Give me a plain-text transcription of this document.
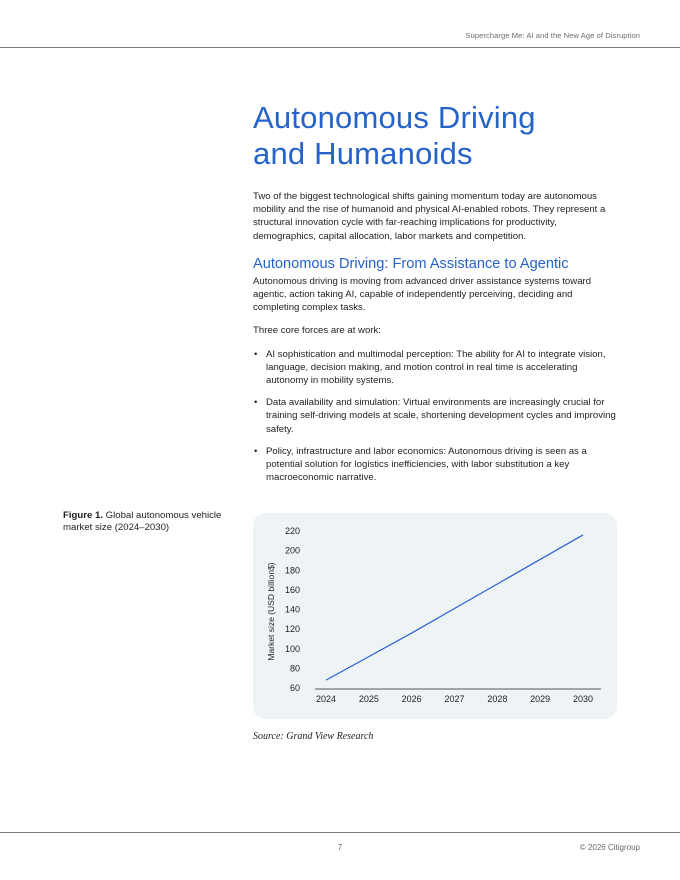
Supercharge Me: AI and the New Age of Disruption
Autonomous Driving
and Humanoids

Two of the biggest technological shifts gaining momentum today are autonomous mobility and the rise of humanoid and physical AI-enabled robots. They represent a structural innovation cycle with far-reaching implications for productivity, demographics, capital allocation, labor markets and competition.

Autonomous Driving: From Assistance to Agentic

Autonomous driving is moving from advanced driver assistance systems toward agentic, action taking AI, capable of independently perceiving, deciding and completing complex tasks.

Three core forces are at work:

• AI sophistication and multimodal perception: The ability for AI to integrate vision, language, decision making, and motion control in real time is accelerating autonomy in mobility systems.
• Data availability and simulation: Virtual environments are increasingly crucial for training self-driving models at scale, shortening development cycles and improving safety.
• Policy, infrastructure and labor economics: Autonomous driving is seen as a potential solution for logistics inefficiencies, with labor substitution a key macroeconomic narrative.
Figure 1. Global autonomous vehicle market size (2024–2030)
60
80
100
120
140
160
180
200
220
2024	2025	2026	2027	2028	2029	2030
Market size (USD billion$)
Source: Grand View Research
7	© 2026 Citigroup
